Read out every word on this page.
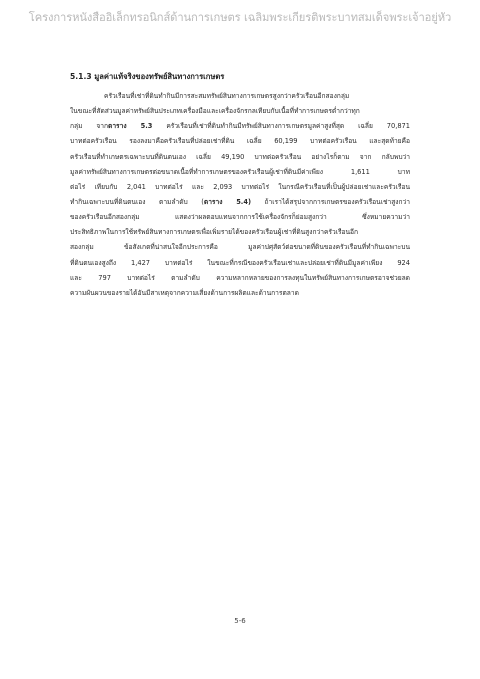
โครงการหนังสืออิเล็กทรอนิกส์ด้านการเกษตร เฉลิมพระเกียรติพระบาทสมเด็จพระเจ้าอยู่หัว
5.1.3 มูลค่าแท้จริงของทรัพย์สินทางการเกษตร
ครัวเรือนที่เช่าที่ดินทำกินมีการสะสมทรัพย์สินทางการเกษตรสูงกว่าครัวเรือนอีกสองกลุ่ม
ในขณะที่สัดส่วนมูลค่าทรัพย์สินประเภทเครื่องมือและเครื่องจักรกลเทียบกับเนื้อที่ทำการเกษตรต่ำกว่าทุก
กลุ่ม จากตาราง 5.3 ครัวเรือนที่เช่าที่ดินทำกินมีทรัพย์สินทางการเกษตรมูลค่าสูงที่สุด เฉลี่ย 70,871
บาทต่อครัวเรือน รองลงมาคือครัวเรือนที่ปล่อยเช่าที่ดิน เฉลี่ย 60,199 บาทต่อครัวเรือน และสุดท้ายคือ
ครัวเรือนที่ทำเกษตรเฉพาะบนที่ดินตนเอง เฉลี่ย 49,190 บาทต่อครัวเรือน อย่างไรก็ตาม จาก กลับพบว่า
มูลค่าทรัพย์สินทางการเกษตรต่อขนาดเนื้อที่ทำการเกษตรของครัวเรือนผู้เช่าที่ดินมีค่าเพียง 1,611 บาท
ต่อไร่ เทียบกับ 2,041 บาทต่อไร่ และ 2,093 บาทต่อไร่ ในกรณีครัวเรือนที่เป็นผู้ปล่อยเช่าและครัวเรือน
ทำกินเฉพาะบนที่ดินตนเอง ตามลำดับ (ตาราง 5.4) ถ้าเราได้สรุปจากการเกษตรของครัวเรือนเช่าสูงกว่า
ของครัวเรือนอีกสองกลุ่ม แสดงว่าผลตอบแทนจากการใช้เครื่องจักรก็ย่อมสูงกว่า ซึ่งหมายความว่า
ประสิทธิภาพในการใช้ทรัพย์สินทางการเกษตรเพื่อเพิ่มรายได้ของครัวเรือนผู้เช่าที่ดินสูงกว่าครัวเรือนอีก
สองกลุ่ม ข้อสังเกตที่น่าสนใจอีกประการคือ มูลค่าปศุสัตว์ต่อขนาดที่ดินของครัวเรือนที่ทำกินเฉพาะบน
ที่ดินตนเองสูงถึง 1,427 บาทต่อไร่ ในขณะที่กรณีของครัวเรือนเช่าและปล่อยเช่าที่ดินมีมูลค่าเพียง 924
และ 797 บาทต่อไร่ ตามลำดับ ความหลากหลายของการลงทุนในทรัพย์สินทางการเกษตรอาจช่วยลด
ความผันผวนของรายได้อันมีสาเหตุจากความเสี่ยงด้านการผลิตและด้านการตลาด
5-6
